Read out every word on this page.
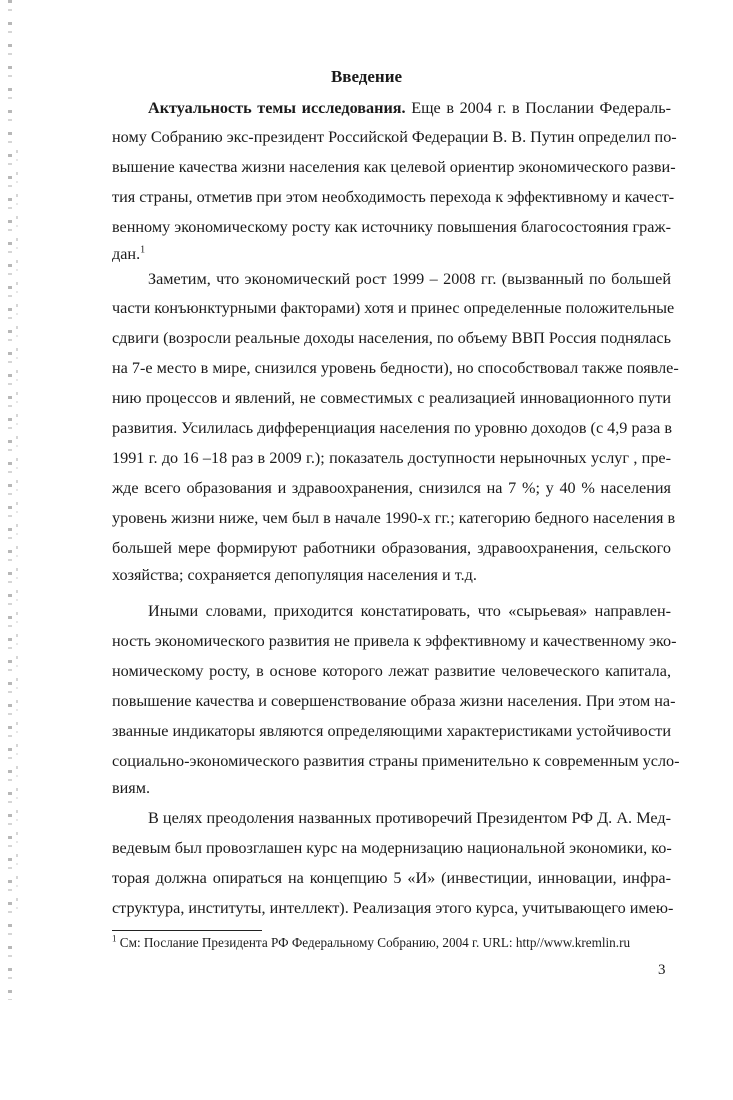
Введение
Актуальность темы исследования. Еще в 2004 г. в Послании Федераль-
ному Собранию экс-президент Российской Федерации В. В. Путин определил по-
вышение качества жизни населения как целевой ориентир экономического разви-
тия страны, отметив при этом необходимость перехода к эффективному и качест-
венному экономическому росту как источнику повышения благосостояния граж-
дан.$^1$
Заметим, что экономический рост 1999 – 2008 гг. (вызванный по большей
части конъюнктурными факторами) хотя и принес определенные положительные
сдвиги (возросли реальные доходы населения, по объему ВВП Россия поднялась
на 7-е место в мире, снизился уровень бедности), но способствовал также появле-
нию процессов и явлений, не совместимых с реализацией инновационного пути
развития. Усилилась дифференциация населения по уровню доходов (с 4,9 раза в
1991 г. до 16 –18 раз в 2009 г.); показатель доступности нерыночных услуг , пре-
жде всего образования и здравоохранения, снизился на 7 %; у 40 % населения
уровень жизни ниже, чем был в начале 1990-х гг.; категорию бедного населения в
большей мере формируют работники образования, здравоохранения, сельского
хозяйства; сохраняется депопуляция населения и т.д.
Иными словами, приходится констатировать, что «сырьевая» направлен-
ность экономического развития не привела к эффективному и качественному эко-
номическому росту, в основе которого лежат развитие человеческого капитала,
повышение качества и совершенствование образа жизни населения. При этом на-
званные индикаторы являются определяющими характеристиками устойчивости
социально-экономического развития страны применительно к современным усло-
виям.
В целях преодоления названных противоречий Президентом РФ Д. А. Мед-
ведевым был провозглашен курс на модернизацию национальной экономики, ко-
торая должна опираться на концепцию 5 «И» (инвестиции, инновации, инфра-
структура, институты, интеллект). Реализация этого курса, учитывающего имею-
$^1$ См: Послание Президента РФ Федеральному Собранию, 2004 г. URL: http//www.kremlin.ru
3
